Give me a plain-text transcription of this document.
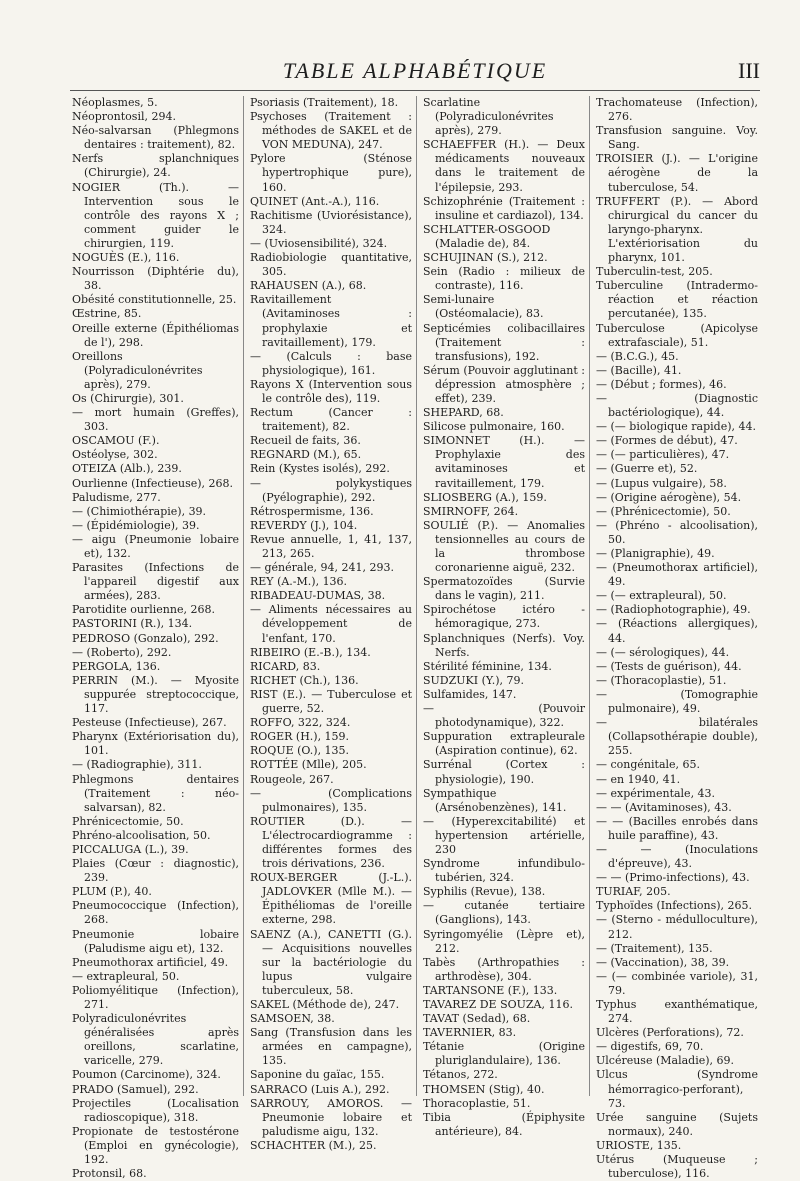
TABLE ALPHABÉTIQUE	III

Néoplasmes, 5.

Néoprontosil, 294.

Néo-salvarsan (Phlegmons dentaires : traitement), 82.

Nerfs splanchniques (Chirurgie), 24.

NOGIER (Th.). — Intervention sous le contrôle des rayons X ; comment guider le chirurgien, 119.

NOGUÈS (E.), 116.

Nourrisson (Diphtérie du), 38.

Obésité constitutionnelle, 25.

Œstrine, 85.

Oreille externe (Épithéliomas de l'), 298.

Oreillons (Polyradiculonévrites après), 279.

Os (Chirurgie), 301.

— mort humain (Greffes), 303.

OSCAMOU (F.).

Ostéolyse, 302.

OTEIZA (Alb.), 239.

Ourlienne (Infectieuse), 268.

Paludisme, 277.

— (Chimiothérapie), 39.

— (Épidémiologie), 39.

— aigu (Pneumonie lobaire et), 132.

Parasites (Infections de l'appareil digestif aux armées), 283.

Parotidite ourlienne, 268.

PASTORINI (R.), 134.

PEDROSO (Gonzalo), 292.

— (Roberto), 292.

PERGOLA, 136.

PERRIN (M.). — Myosite suppurée streptococcique, 117.

Pesteuse (Infectieuse), 267.

Pharynx (Extériorisation du), 101.

— (Radiographie), 311.

Phlegmons dentaires (Traitement : néo-salvarsan), 82.

Phrénicectomie, 50.

Phréno-alcoolisation, 50.

PICCALUGA (L.), 39.

Plaies (Cœur : diagnostic), 239.

PLUM (P.), 40.

Pneumococcique (Infection), 268.

Pneumonie lobaire (Paludisme aigu et), 132.

Pneumothorax artificiel, 49.

— extrapleural, 50.

Poliomyélitique (Infection), 271.

Polyradiculonévrites généralisées après oreillons, scarlatine, varicelle, 279.

Poumon (Carcinome), 324.

PRADO (Samuel), 292.

Projectiles (Localisation radioscopique), 318.

Propionate de testostérone (Emploi en gynécologie), 192.

Protonsil, 68.

Psoriasis (Traitement), 18.

Psychoses (Traitement : méthodes de SAKEL et de VON MEDUNA), 247.

Pylore (Sténose hypertrophique pure), 160.

QUINET (Ant.-A.), 116.

Rachitisme (Uviorésistance), 324.

— (Uviosensibilité), 324.

Radiobiologie quantitative, 305.

RAHAUSEN (A.), 68.

Ravitaillement (Avitaminoses : prophylaxie et ravitaillement), 179.

— (Calculs : base physiologique), 161.

Rayons X (Intervention sous le contrôle des), 119.

Rectum (Cancer : traitement), 82.

Recueil de faits, 36.

REGNARD (M.), 65.

Rein (Kystes isolés), 292.

— polykystiques (Pyélographie), 292.

Rétrospermisme, 136.

REVERDY (J.), 104.

Revue annuelle, 1, 41, 137, 213, 265.

— générale, 94, 241, 293.

REY (A.-M.), 136.

RIBADEAU-DUMAS, 38.

— Aliments nécessaires au développement de l'enfant, 170.

RIBEIRO (E.-B.), 134.

RICARD, 83.

RICHET (Ch.), 136.

RIST (E.). — Tuberculose et guerre, 52.

ROFFO, 322, 324.

ROGER (H.), 159.

ROQUE (O.), 135.

ROTTÉE (Mlle), 205.

Rougeole, 267.

— (Complications pulmonaires), 135.

ROUTIER (D.). — L'électrocardiogramme : différentes formes des trois dérivations, 236.

ROUX-BERGER (J.-L.). JADLOVKER (Mlle M.). — Épithéliomas de l'oreille externe, 298.

SAENZ (A.), CANETTI (G.). — Acquisitions nouvelles sur la bactériologie du lupus vulgaire tuberculeux, 58.

SAKEL (Méthode de), 247.

SAMSOEN, 38.

Sang (Transfusion dans les armées en campagne), 135.

Saponine du gaïac, 155.

SARRACO (Luis A.), 292.

SARROUY, AMOROS. — Pneumonie lobaire et paludisme aigu, 132.

SCHACHTER (M.), 25.

Scarlatine (Polyradiculonévrites après), 279.

SCHAEFFER (H.). — Deux médicaments nouveaux dans le traitement de l'épilepsie, 293.

Schizophrénie (Traitement : insuline et cardiazol), 134.

SCHLATTER-OSGOOD (Maladie de), 84.

SCHUJINAN (S.), 212.

Sein (Radio : milieux de contraste), 116.

Semi-lunaire (Ostéomalacie), 83.

Septicémies colibacillaires (Traitement : transfusions), 192.

Sérum (Pouvoir agglutinant : dépression atmosphère ; effet), 239.

SHEPARD, 68.

Silicose pulmonaire, 160.

SIMONNET (H.). — Prophylaxie des avitaminoses et ravitaillement, 179.

SLIOSBERG (A.), 159.

SMIRNOFF, 264.

SOULIÉ (P.). — Anomalies tensionnelles au cours de la thrombose coronarienne aiguë, 232.

Spermatozoïdes (Survie dans le vagin), 211.

Spirochétose ictéro - hémoragique, 273.

Splanchniques (Nerfs). Voy. Nerfs.

Stérilité féminine, 134.

SUDZUKI (Y.), 79.

Sulfamides, 147.

— (Pouvoir photodynamique), 322.

Suppuration extrapleurale (Aspiration continue), 62.

Surrénal (Cortex : physiologie), 190.

Sympathique (Arsénobenzènes), 141.

— (Hyperexcitabilité) et hypertension artérielle, 230

Syndrome infundibulo-tubérien, 324.

Syphilis (Revue), 138.

— cutanée tertiaire (Ganglions), 143.

Syringomyélie (Lèpre et), 212.

Tabès (Arthropathies : arthrodèse), 304.

TARTANSONE (F.), 133.

TAVAREZ DE SOUZA, 116.

TAVAT (Sedad), 68.

TAVERNIER, 83.

Tétanie (Origine pluriglandulaire), 136.

Tétanos, 272.

THOMSEN (Stig), 40.

Thoracoplastie, 51.

Tibia (Épiphysite antérieure), 84.

Trachomateuse (Infection), 276.

Transfusion sanguine. Voy. Sang.

TROISIER (J.). — L'origine aérogène de la tuberculose, 54.

TRUFFERT (P.). — Abord chirurgical du cancer du laryngo-pharynx. L'extériorisation du pharynx, 101.

Tuberculin-test, 205.

Tuberculine (Intradermo-réaction et réaction percutanée), 135.

Tuberculose (Apicolyse extrafasciale), 51.

— (B.C.G.), 45.

— (Bacille), 41.

— (Début ; formes), 46.

— (Diagnostic bactériologique), 44.

— (— biologique rapide), 44.

— (Formes de début), 47.

— (— particulières), 47.

— (Guerre et), 52.

— (Lupus vulgaire), 58.

— (Origine aérogène), 54.

— (Phrénicectomie), 50.

— (Phréno - alcoolisation), 50.

— (Planigraphie), 49.

— (Pneumothorax artificiel), 49.

— (— extrapleural), 50.

— (Radiophotographie), 49.

— (Réactions allergiques), 44.

— (— sérologiques), 44.

— (Tests de guérison), 44.

— (Thoracoplastie), 51.

— (Tomographie pulmonaire), 49.

— bilatérales (Collapsothérapie double), 255.

— congénitale, 65.

— en 1940, 41.

— expérimentale, 43.

— — (Avitaminoses), 43.

— — (Bacilles enrobés dans huile paraffine), 43.

— — (Inoculations d'épreuve), 43.

— — (Primo-infections), 43.

TURIAF, 205.

Typhoïdes (Infections), 265.

— (Sterno - médulloculture), 212.

— (Traitement), 135.

— (Vaccination), 38, 39.

— (— combinée variole), 31, 79.

Typhus exanthématique, 274.

Ulcères (Perforations), 72.

— digestifs, 69, 70.

Ulcéreuse (Maladie), 69.

Ulcus (Syndrome hémorragico-perforant), 73.

Urée sanguine (Sujets normaux), 240.

URIOSTE, 135.

Utérus (Muqueuse ; tuberculose), 116.
